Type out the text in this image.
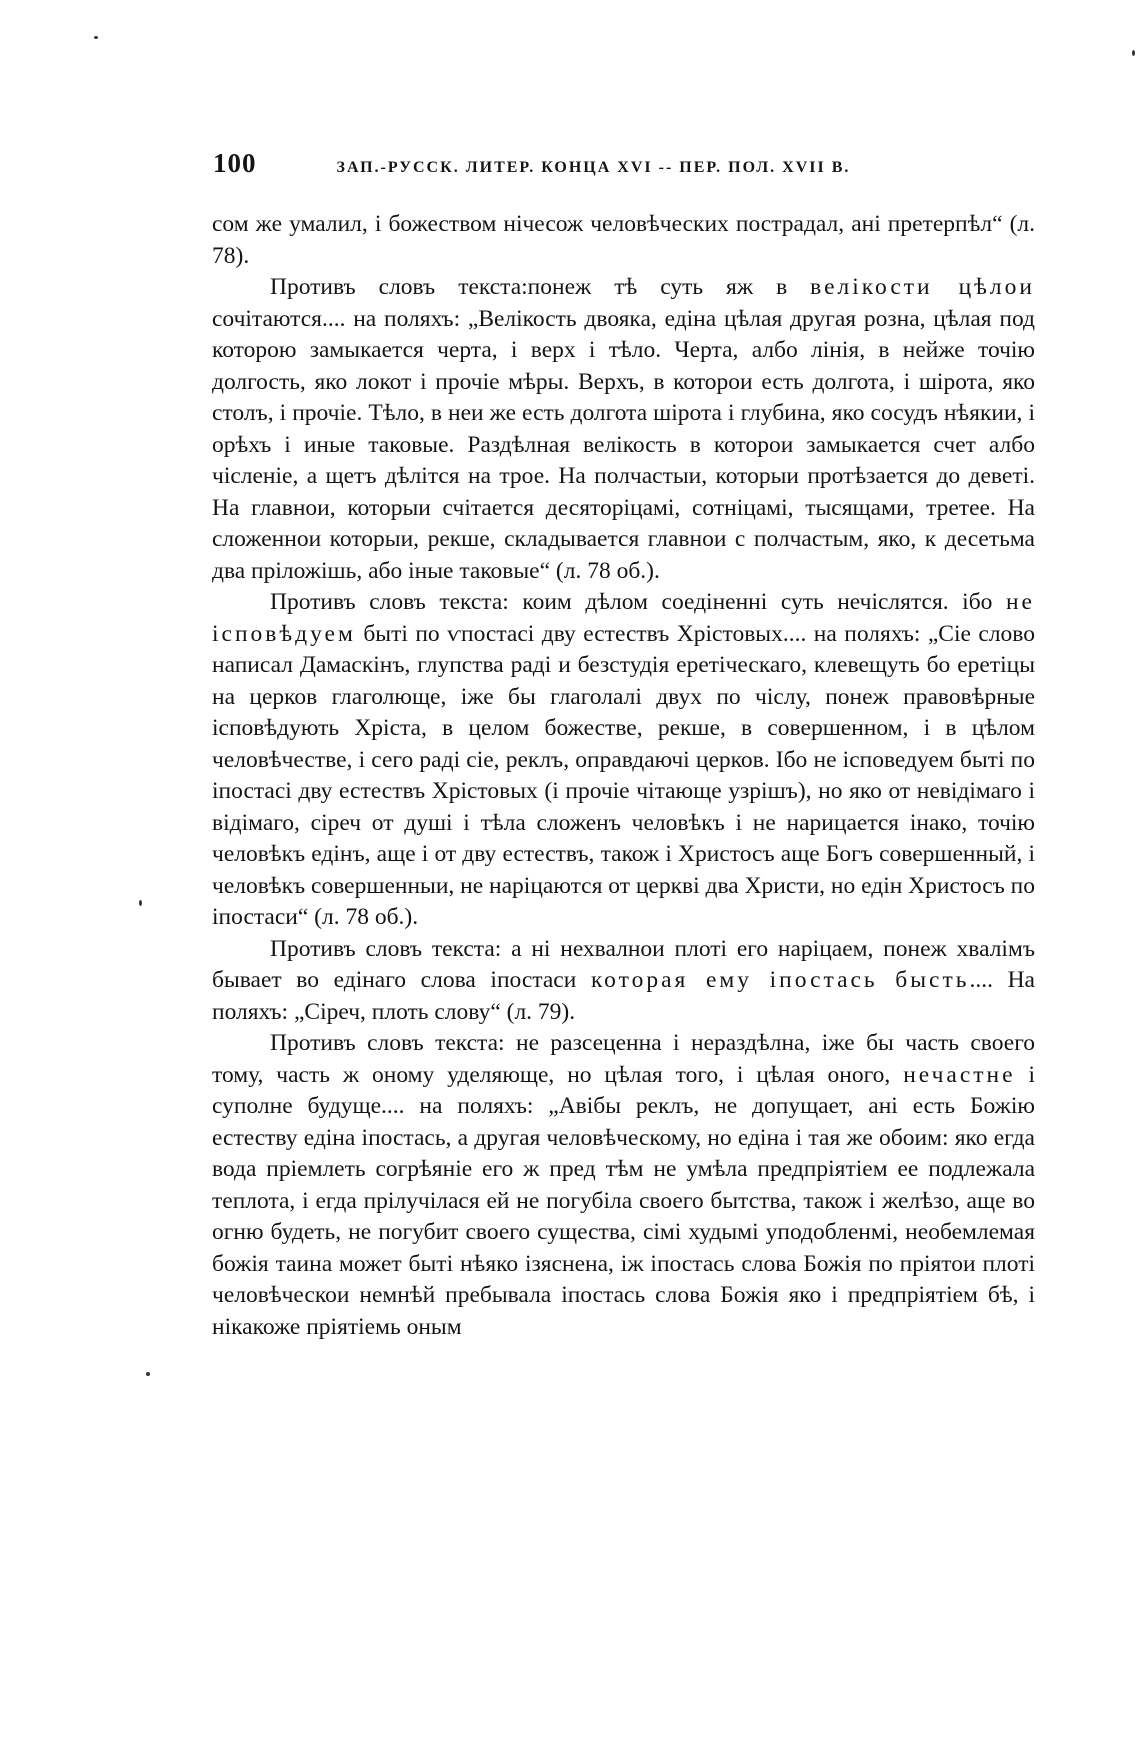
100	ЗАП.-РУССК. ЛИТЕР. КОНЦА XVI -- ПЕР. ПОЛ. XVII В.

сом же умалил, і божеством нічесож человѣческих пострадал, ані претерпѣл“ (л. 78).

Противъ словъ текста:понеж тѣ суть яж в велікости цѣлои сочітаются.... на поляхъ: „Велікость двояка, едіна цѣлая другая розна, цѣлая под которою замыкается черта, і верх і тѣло. Черта, албо лінія, в нейже точію долгость, яко локот і прочіе мѣры. Верхъ, в которои есть долгота, і шірота, яко столъ, і прочіе. Тѣло, в неи же есть долгота шірота і глубина, яко сосудъ нѣякии, і орѣхъ і иные таковые. Раздѣлная велікость в которои замыкается счет албо чісленіе, а щетъ дѣлітся на трое. На полчастыи, которыи протѣзается до деветі. На главнои, которыи счітается десяторіцамі, сотніцамі, тысящами, третее. На сложеннои которыи, рекше, складывается главнои с полчастым, яко, к десетьма два пріложішь, або іные таковые“ (л. 78 об.).

Противъ словъ текста: коим дѣлом соедіненні суть нечіслятся. ібо не ісповѣдуем быті по ѵпостасі дву естествъ Хрістовых.... на поляхъ: „Сіе слово написал Дамаскінъ, глупства раді и безстудія еретіческаго, клевещуть бо еретіцы на церков глаголюще, іже бы глаголалі двух по чіслу, понеж правовѣрные ісповѣдують Хріста, в целом божестве, рекше, в совершенном, і в цѣлом человѣчестве, і сего раді сіе, реклъ, оправдаючі церков. Ібо не ісповедуем быті по іпостасі дву естествъ Хрістовых (і прочіе чітающе узрішъ), но яко от невідімаго і відімаго, сіреч от душі і тѣла сложенъ человѣкъ і не нарицается інако, точію человѣкъ едінъ, аще і от дву естествъ, також і Христосъ аще Богъ совершенный, і человѣкъ совершенныи, не наріцаются от церкві два Христи, но едін Христосъ по іпостаси“ (л. 78 об.).

Противъ словъ текста: а ні нехвалнои плоті его наріцаем, понеж хвалімъ бывает во едінаго слова іпостаси которая ему іпостась бысть.... На поляхъ: „Сіреч, плоть слову“ (л. 79).

Противъ словъ текста: не разсеценна і нераздѣлна, іже бы часть своего тому, часть ж оному уделяюще, но цѣлая того, і цѣлая оного, нечастне і суполне будуще.... на поляхъ: „Авібы реклъ, не допущает, ані есть Божію естеству едіна іпостась, а другая человѣческому, но едіна і тая же обоим: яко егда вода пріемлеть согрѣяніе его ж пред тѣм не умѣла предпріятіем ее подлежала теплота, і егда прілучілася ей не погубіла своего бытства, також і желѣзо, аще во огню будеть, не погубит своего существа, сімі худымі уподобленмі, необемлемая божія таина может быті нѣяко ізяснена, іж іпостась слова Божія по пріятои плоті человѣческои немнѣй пребывала іпостась слова Божія яко і предпріятіем бѣ, і нікакоже пріятіемь оным
